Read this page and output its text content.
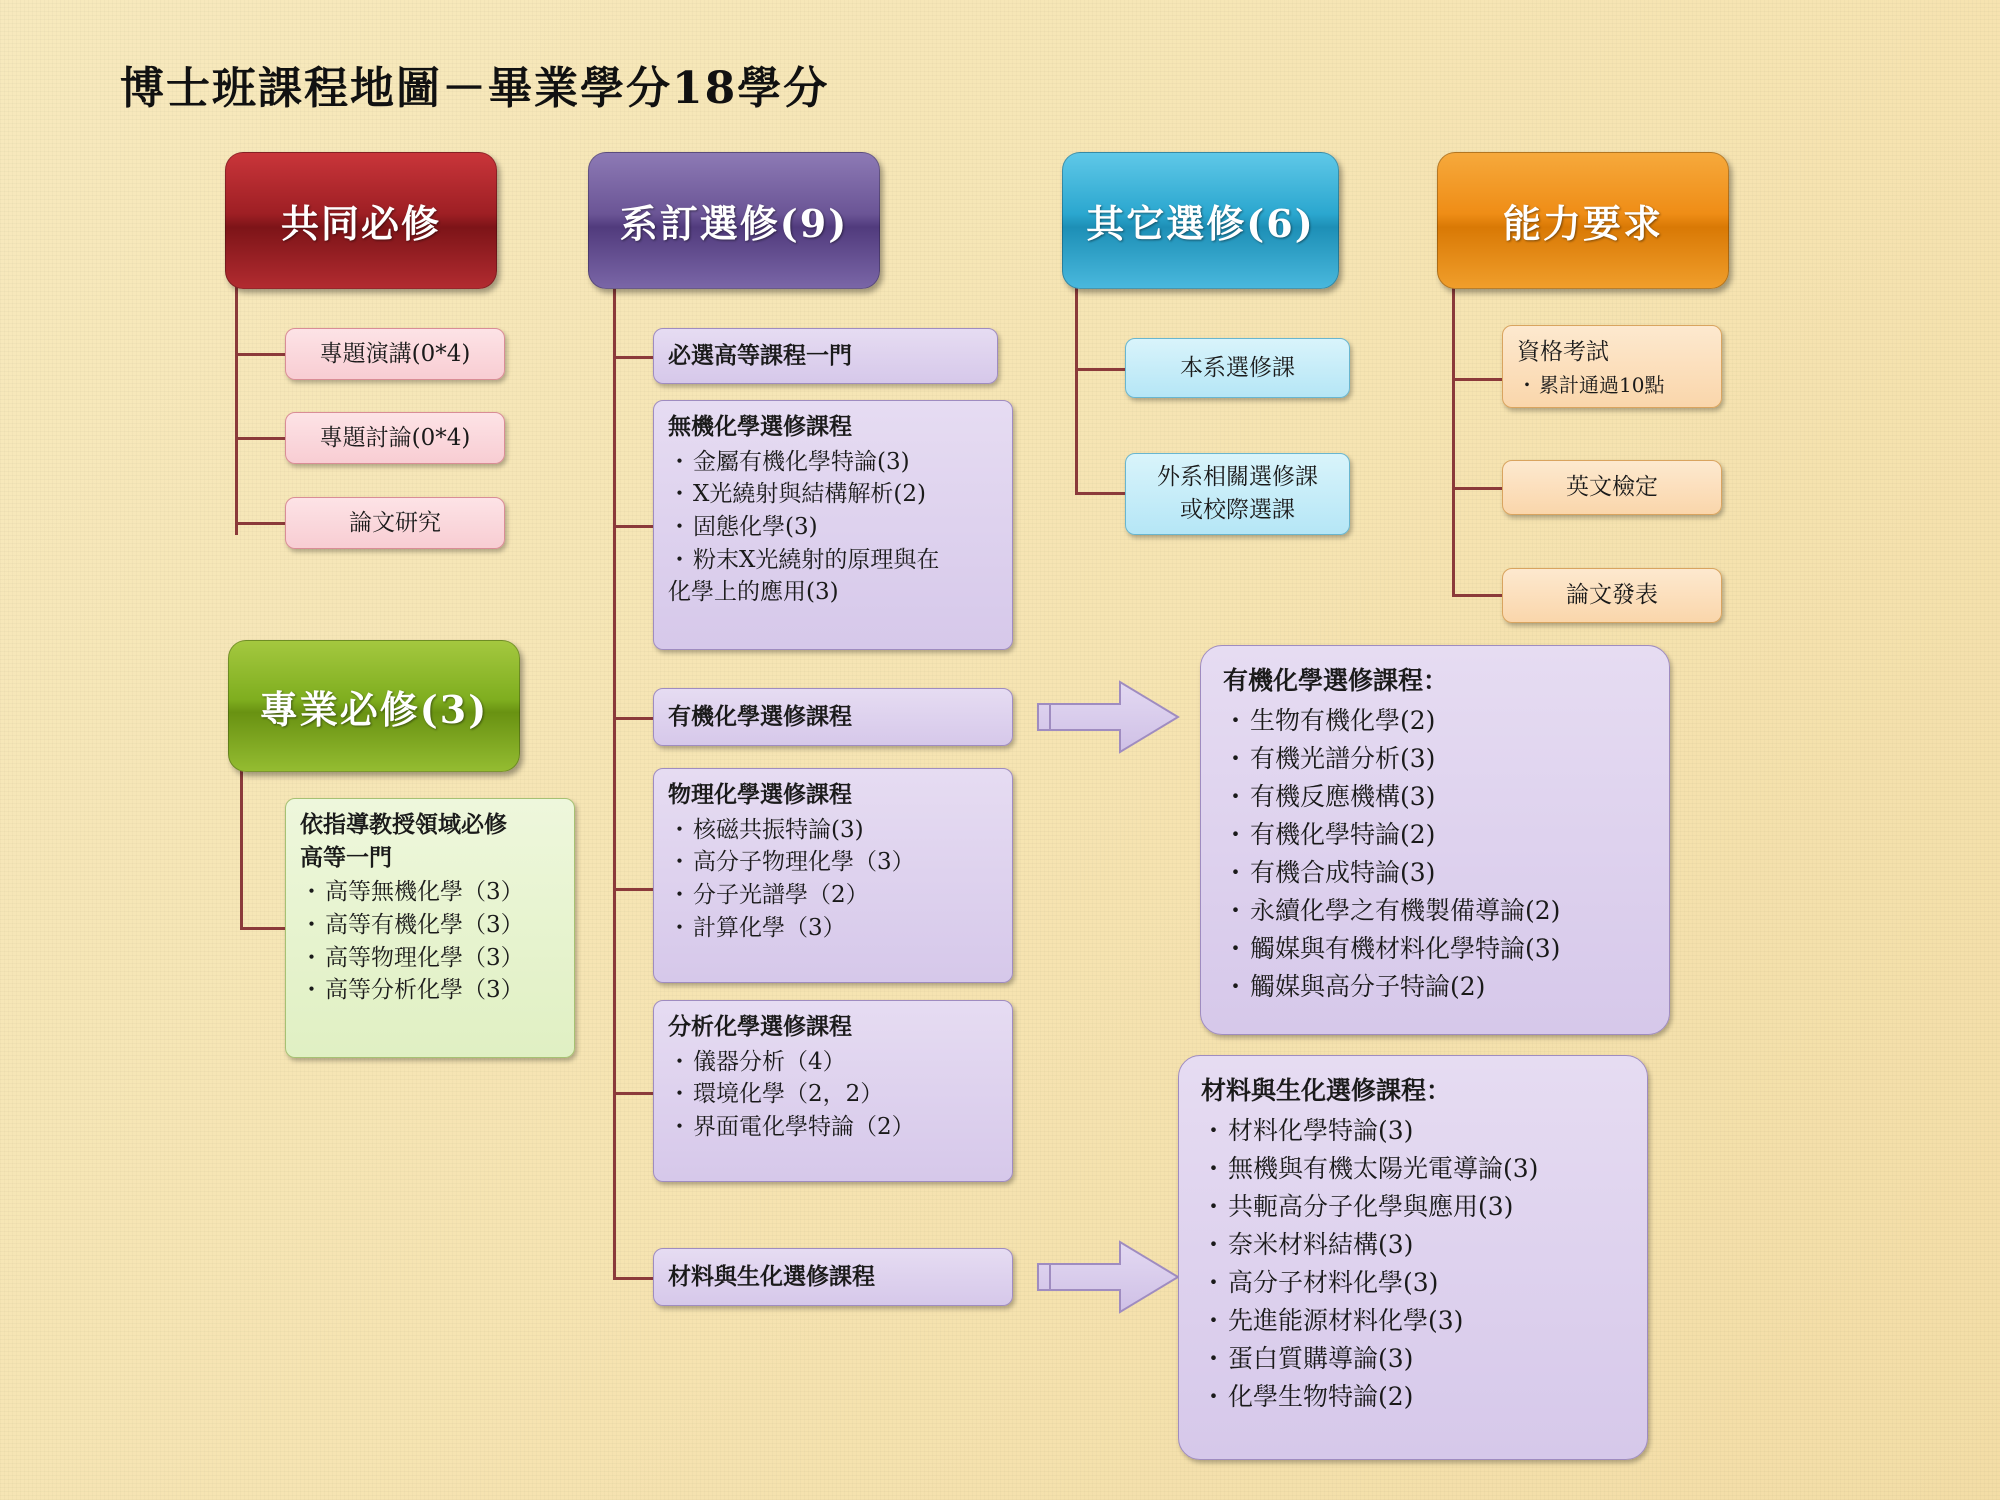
博士班課程地圖－畢業學分18學分
共同必修	系訂選修(9)	其它選修(6)	能力要求
專業必修(3)
專題演講(0*4)
專題討論(0*4)
論文研究
依指導教授領域必修
高等一門
・ 高等無機化學（3）
・ 高等有機化學（3）
・ 高等物理化學（3）
・ 高等分析化學（3）
必選高等課程一門
無機化學選修課程
・ 金屬有機化學特論(3)
・ X光繞射與結構解析(2)
・ 固態化學(3)
・ 粉末X光繞射的原理與在
化學上的應用(3)
有機化學選修課程
物理化學選修課程
・ 核磁共振特論(3)
・ 高分子物理化學（3）
・ 分子光譜學（2）
・ 計算化學（3）
分析化學選修課程
・ 儀器分析（4）
・ 環境化學（2，2）
・ 界面電化學特論（2）
材料與生化選修課程
本系選修課
外系相關選修課
或校際選課
資格考試
・ 累計通過10點
英文檢定
論文發表
有機化學選修課程：
・ 生物有機化學(2)
・ 有機光譜分析(3)
・ 有機反應機構(3)
・ 有機化學特論(2)
・ 有機合成特論(3)
・ 永續化學之有機製備導論(2)
・ 觸媒與有機材料化學特論(3)
・ 觸媒與高分子特論(2)
材料與生化選修課程：
・ 材料化學特論(3)
・ 無機與有機太陽光電導論(3)
・ 共軛高分子化學與應用(3)
・ 奈米材料結構(3)
・ 高分子材料化學(3)
・ 先進能源材料化學(3)
・ 蛋白質購導論(3)
・ 化學生物特論(2)
